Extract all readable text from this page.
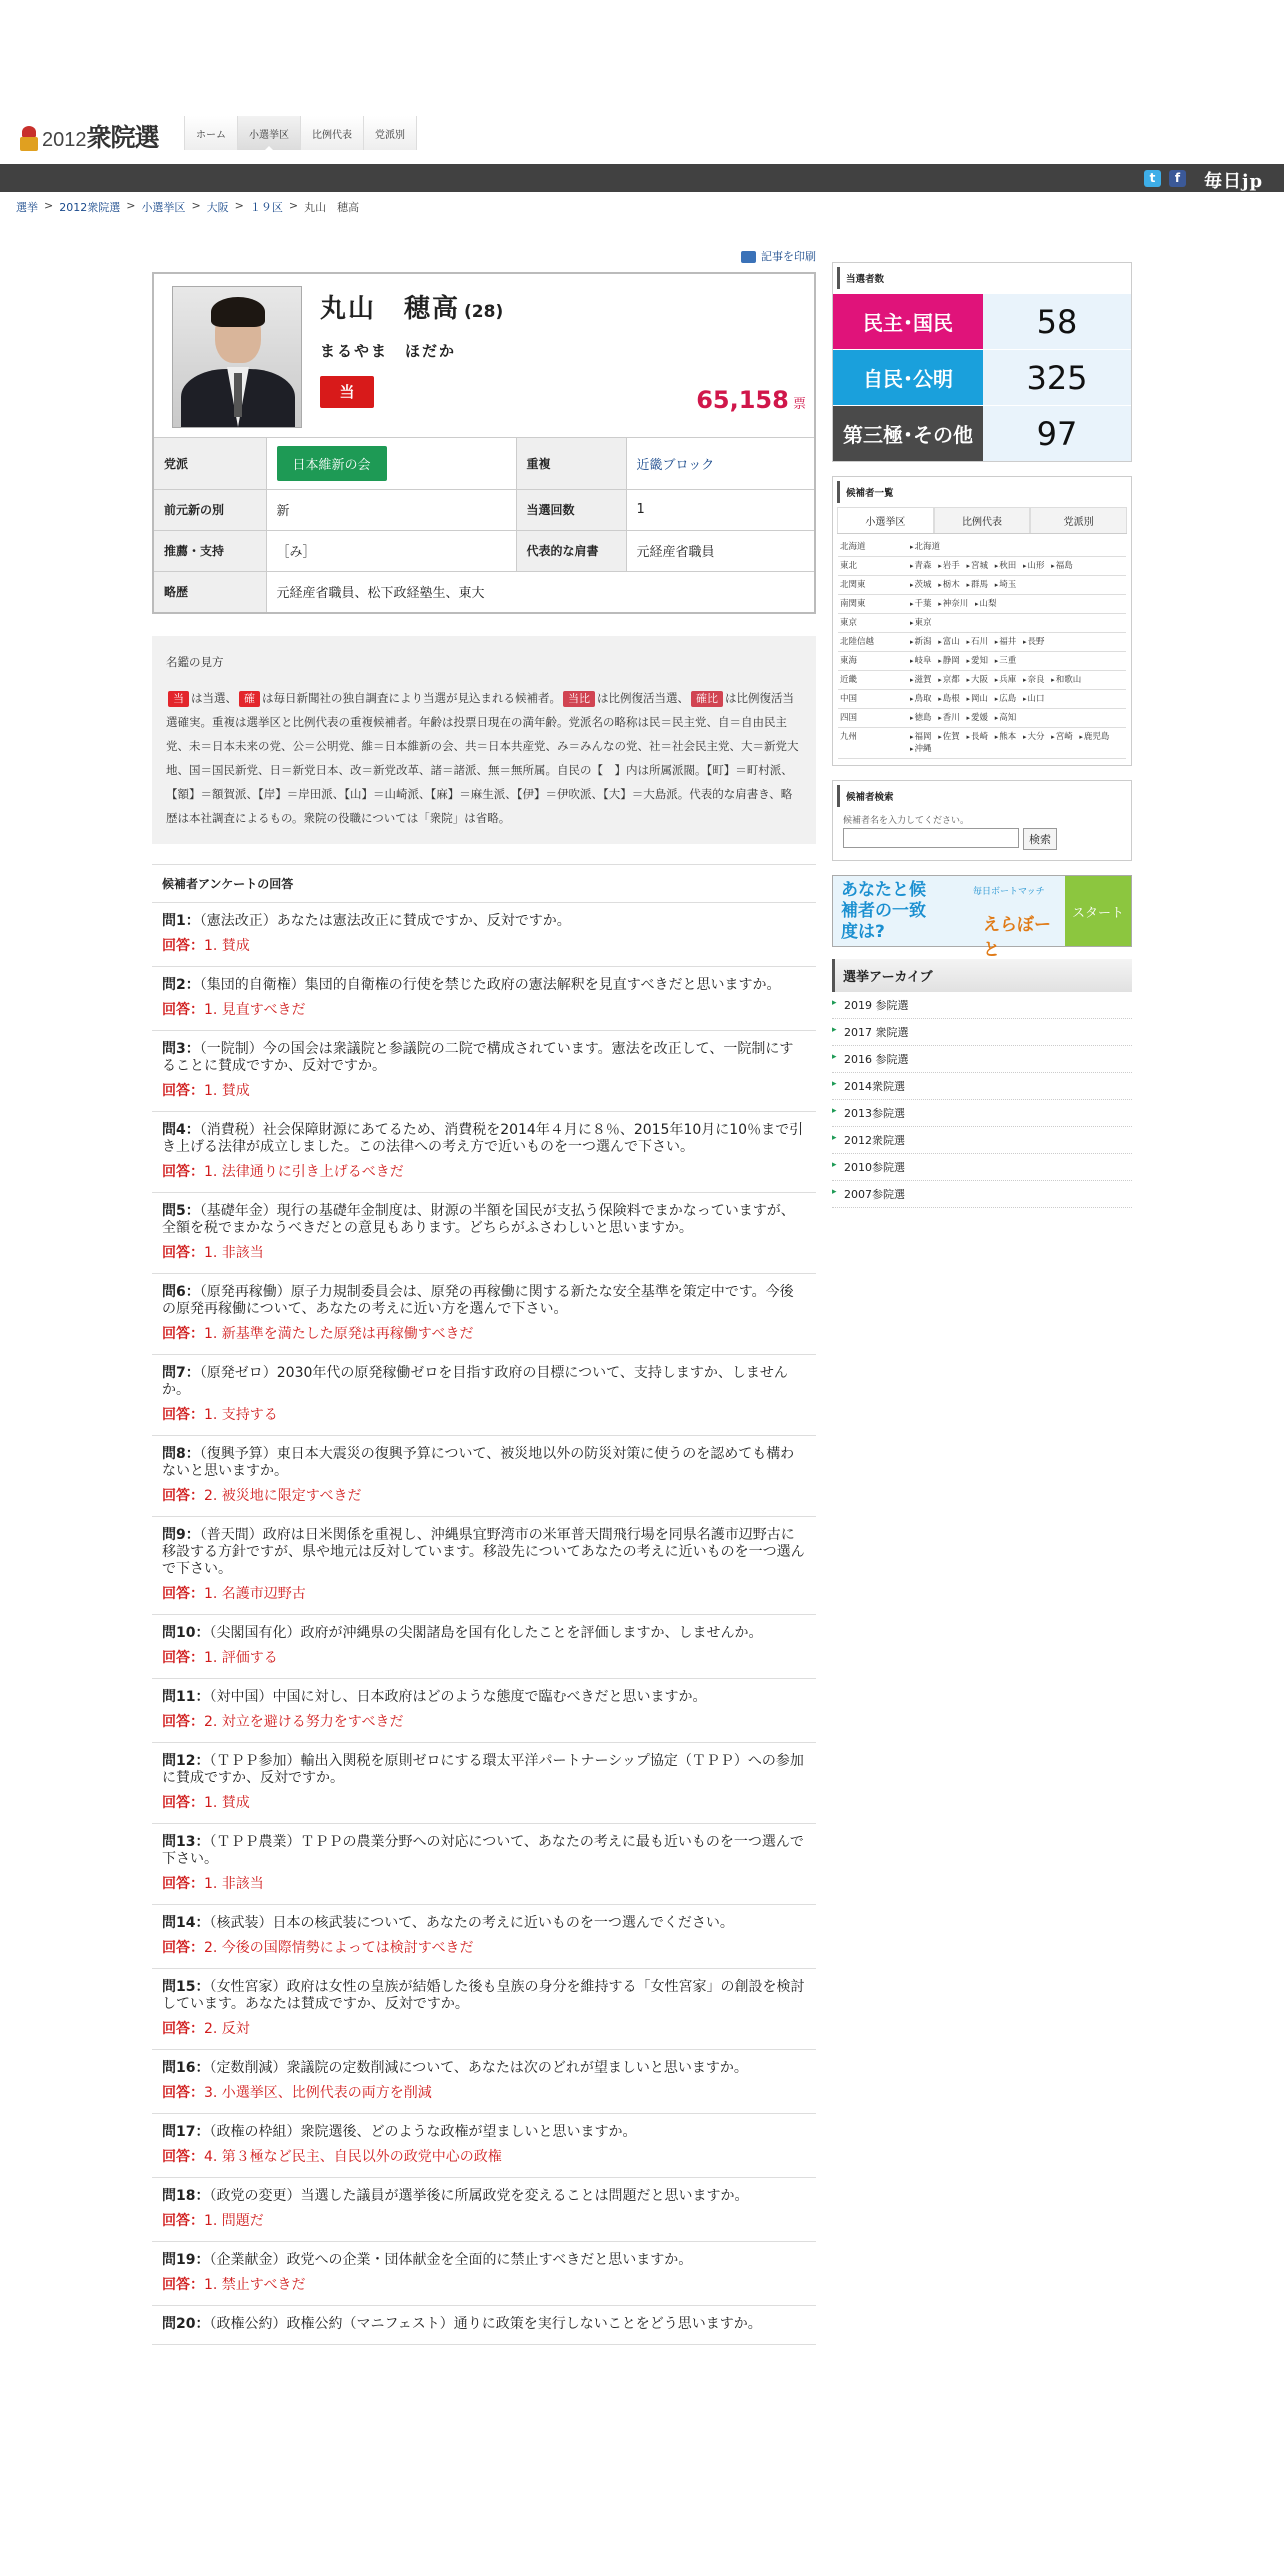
2012 衆院選	ホーム	小選挙区	比例代表	党派別
t	f	毎日jp
選挙 > 2012衆院選 > 小選挙区 > 大阪 > １９区 > 丸山　穂高
記事を印刷
丸山　穂高 (28)
まるやま　ほだか
当	65,158 票
党派	日本維新の会	重複	近畿ブロック
前元新の別	新	当選回数	1
推薦・支持	［み］	代表的な肩書	元経産省職員
略歴	元経産省職員、松下政経塾生、東大		
名鑑の見方
当 は当選、 確 は毎日新聞社の独自調査により当選が見込まれる候補者。 当比 は比例復活当選、 確比 は比例復活当選確実。重複は選挙区と比例代表の重複候補者。年齢は投票日現在の満年齢。党派名の略称は民＝民主党、自＝自由民主党、未＝日本未来の党、公＝公明党、維＝日本維新の会、共＝日本共産党、み＝みんなの党、社＝社会民主党、大＝新党大地、国＝国民新党、日＝新党日本、改＝新党改革、諸＝諸派、無＝無所属。自民の【　】内は所属派閥。【町】＝町村派、【額】＝額賀派、【岸】＝岸田派、【山】＝山崎派、【麻】＝麻生派、【伊】＝伊吹派、【大】＝大島派。代表的な肩書き、略歴は本社調査によるもの。衆院の役職については「衆院」は省略。
候補者アンケートの回答
問1：（憲法改正）あなたは憲法改正に賛成ですか、反対ですか。
回答：1. 賛成
問2：（集団的自衛権）集団的自衛権の行使を禁じた政府の憲法解釈を見直すべきだと思いますか。
回答：1. 見直すべきだ
問3：（一院制）今の国会は衆議院と参議院の二院で構成されています。憲法を改正して、一院制にすることに賛成ですか、反対ですか。
回答：1. 賛成
問4：（消費税）社会保障財源にあてるため、消費税を2014年４月に８％、2015年10月に10％まで引き上げる法律が成立しました。この法律への考え方で近いものを一つ選んで下さい。
回答：1. 法律通りに引き上げるべきだ
問5：（基礎年金）現行の基礎年金制度は、財源の半額を国民が支払う保険料でまかなっていますが、全額を税でまかなうべきだとの意見もあります。どちらがふさわしいと思いますか。
回答：1. 非該当
問6：（原発再稼働）原子力規制委員会は、原発の再稼働に関する新たな安全基準を策定中です。今後の原発再稼働について、あなたの考えに近い方を選んで下さい。
回答：1. 新基準を満たした原発は再稼働すべきだ
問7：（原発ゼロ）2030年代の原発稼働ゼロを目指す政府の目標について、支持しますか、しませんか。
回答：1. 支持する
問8：（復興予算）東日本大震災の復興予算について、被災地以外の防災対策に使うのを認めても構わないと思いますか。
回答：2. 被災地に限定すべきだ
問9：（普天間）政府は日米関係を重視し、沖縄県宜野湾市の米軍普天間飛行場を同県名護市辺野古に移設する方針ですが、県や地元は反対しています。移設先についてあなたの考えに近いものを一つ選んで下さい。
回答：1. 名護市辺野古
問10：（尖閣国有化）政府が沖縄県の尖閣諸島を国有化したことを評価しますか、しませんか。
回答：1. 評価する
問11：（対中国）中国に対し、日本政府はどのような態度で臨むべきだと思いますか。
回答：2. 対立を避ける努力をすべきだ
問12：（ＴＰＰ参加）輸出入関税を原則ゼロにする環太平洋パートナーシップ協定（ＴＰＰ）への参加に賛成ですか、反対ですか。
回答：1. 賛成
問13：（ＴＰＰ農業）ＴＰＰの農業分野への対応について、あなたの考えに最も近いものを一つ選んで下さい。
回答：1. 非該当
問14：（核武装）日本の核武装について、あなたの考えに近いものを一つ選んでください。
回答：2. 今後の国際情勢によっては検討すべきだ
問15：（女性宮家）政府は女性の皇族が結婚した後も皇族の身分を維持する「女性宮家」の創設を検討しています。あなたは賛成ですか、反対ですか。
回答：2. 反対
問16：（定数削減）衆議院の定数削減について、あなたは次のどれが望ましいと思いますか。
回答：3. 小選挙区、比例代表の両方を削減
問17：（政権の枠組）衆院選後、どのような政権が望ましいと思いますか。
回答：4. 第３極など民主、自民以外の政党中心の政権
問18：（政党の変更）当選した議員が選挙後に所属政党を変えることは問題だと思いますか。
回答：1. 問題だ
問19：（企業献金）政党への企業・団体献金を全面的に禁止すべきだと思いますか。
回答：1. 禁止すべきだ
問20：（政権公約）政権公約（マニフェスト）通りに政策を実行しないことをどう思いますか。
当選者数
民主･国民	58
自民･公明	325
第三極･その他	97
候補者一覧
小選挙区	比例代表	党派別
北海道	▸ 北海道
東北	▸ 青森 ▸ 岩手 ▸ 宮城 ▸ 秋田 ▸ 山形 ▸ 福島
北関東	▸ 茨城 ▸ 栃木 ▸ 群馬 ▸ 埼玉
南関東	▸ 千葉 ▸ 神奈川 ▸ 山梨
東京	▸ 東京
北陸信越	▸ 新潟 ▸ 富山 ▸ 石川 ▸ 福井 ▸ 長野
東海	▸ 岐阜 ▸ 静岡 ▸ 愛知 ▸ 三重
近畿	▸ 滋賀 ▸ 京都 ▸ 大阪 ▸ 兵庫 ▸ 奈良 ▸ 和歌山
中国	▸ 鳥取 ▸ 島根 ▸ 岡山 ▸ 広島 ▸ 山口
四国	▸ 徳島 ▸ 香川 ▸ 愛媛 ▸ 高知
九州	▸ 福岡 ▸ 佐賀 ▸ 長崎 ▸ 熊本 ▸ 大分 ▸ 宮崎 ▸ 鹿児島 ▸ 沖縄
候補者検索
候補者名を入力してください。
検索
あなたと候補者の一致度は?
毎日ボートマッチ
えらぼーと
スタート
選挙アーカイブ
▸ 2019 参院選
▸ 2017 衆院選
▸ 2016 参院選
▸ 2014衆院選
▸ 2013参院選
▸ 2012衆院選
▸ 2010参院選
▸ 2007参院選
